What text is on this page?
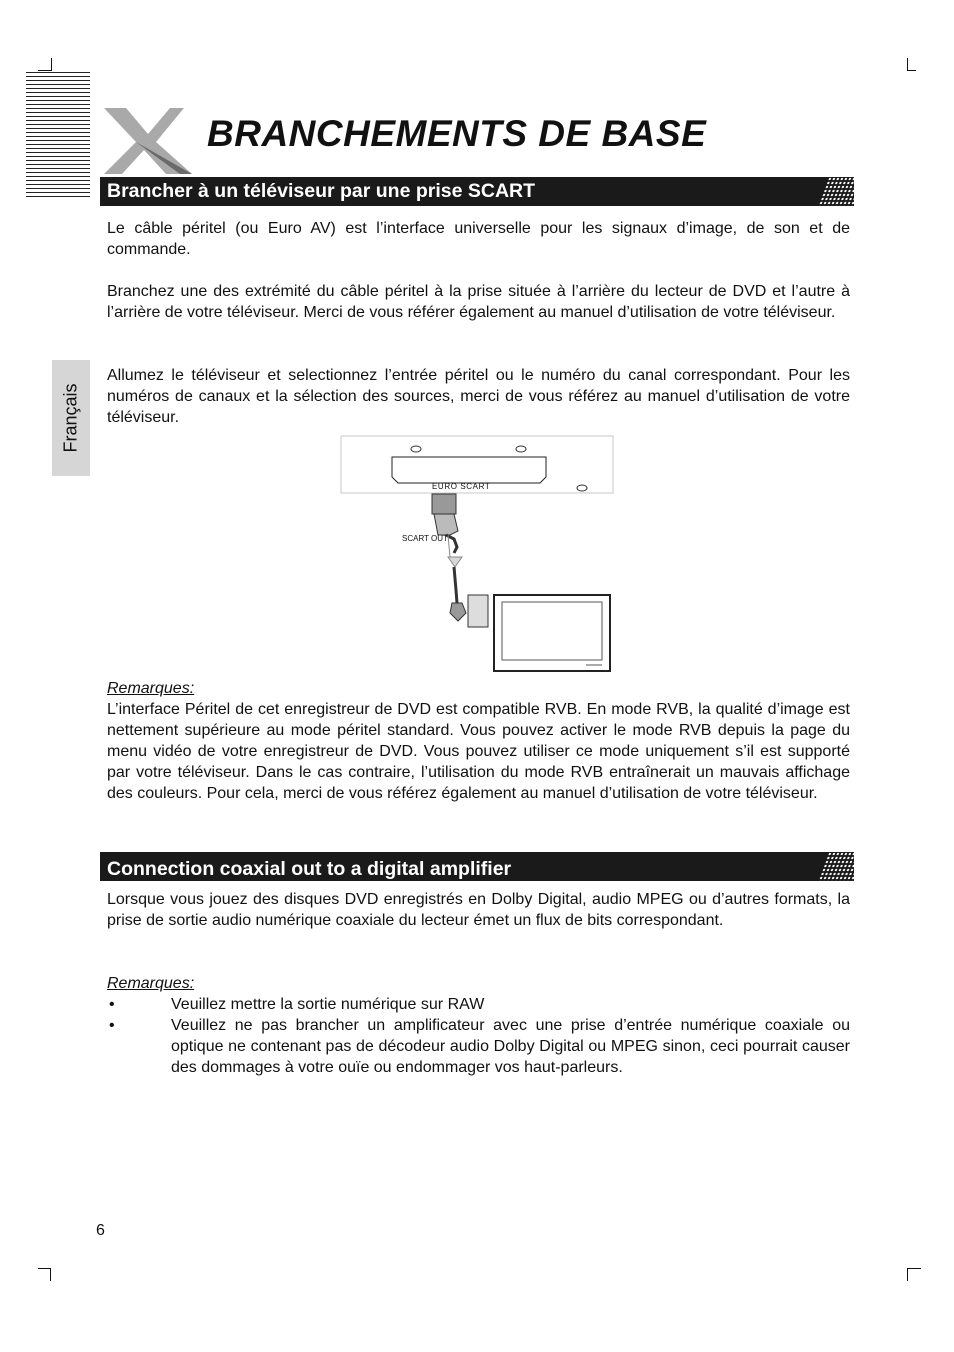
BRANCHEMENTS DE BASE
Français
Brancher à un téléviseur par une prise SCART

Le câble péritel (ou Euro AV) est l’interface universelle pour les signaux d’image, de son et de commande.

Branchez une des extrémité du câble péritel à la prise située à l’arrière du lecteur de DVD et l’autre à l’arrière de votre téléviseur. Merci de vous référer également au manuel d’utilisation de votre téléviseur.

Allumez le téléviseur et selectionnez l’entrée péritel ou le numéro du canal correspondant. Pour les numéros de canaux et la sélection des sources, merci de vous référez au manuel d’utilisation de votre téléviseur.

EURO SCART
SCART OUT
Remarques:

L’interface Péritel de cet enregistreur de DVD est compatible RVB. En mode RVB, la qualité d’image est nettement supérieure au mode péritel standard. Vous pouvez activer le mode RVB depuis la page du menu vidéo de votre enregistreur de DVD. Vous pouvez utiliser ce mode uniquement s’il est supporté par votre téléviseur. Dans le cas contraire, l’utilisation du mode RVB entraînerait un mauvais affichage des couleurs. Pour cela, merci de vous référez également au manuel d’utilisation de votre téléviseur.

Connection coaxial out to a digital amplifier

Lorsque vous jouez des disques DVD enregistrés en Dolby Digital, audio MPEG ou d’autres formats, la prise de sortie audio numérique coaxiale du lecteur émet un flux de bits correspondant.

Remarques:
•	Veuillez mettre la sortie numérique sur RAW
•	Veuillez ne pas brancher un amplificateur avec une prise d’entrée numérique coaxiale ou optique ne contenant pas de décodeur audio Dolby Digital ou MPEG sinon, ceci pourrait causer des dommages à votre ouïe ou endommager vos haut-parleurs.
6
